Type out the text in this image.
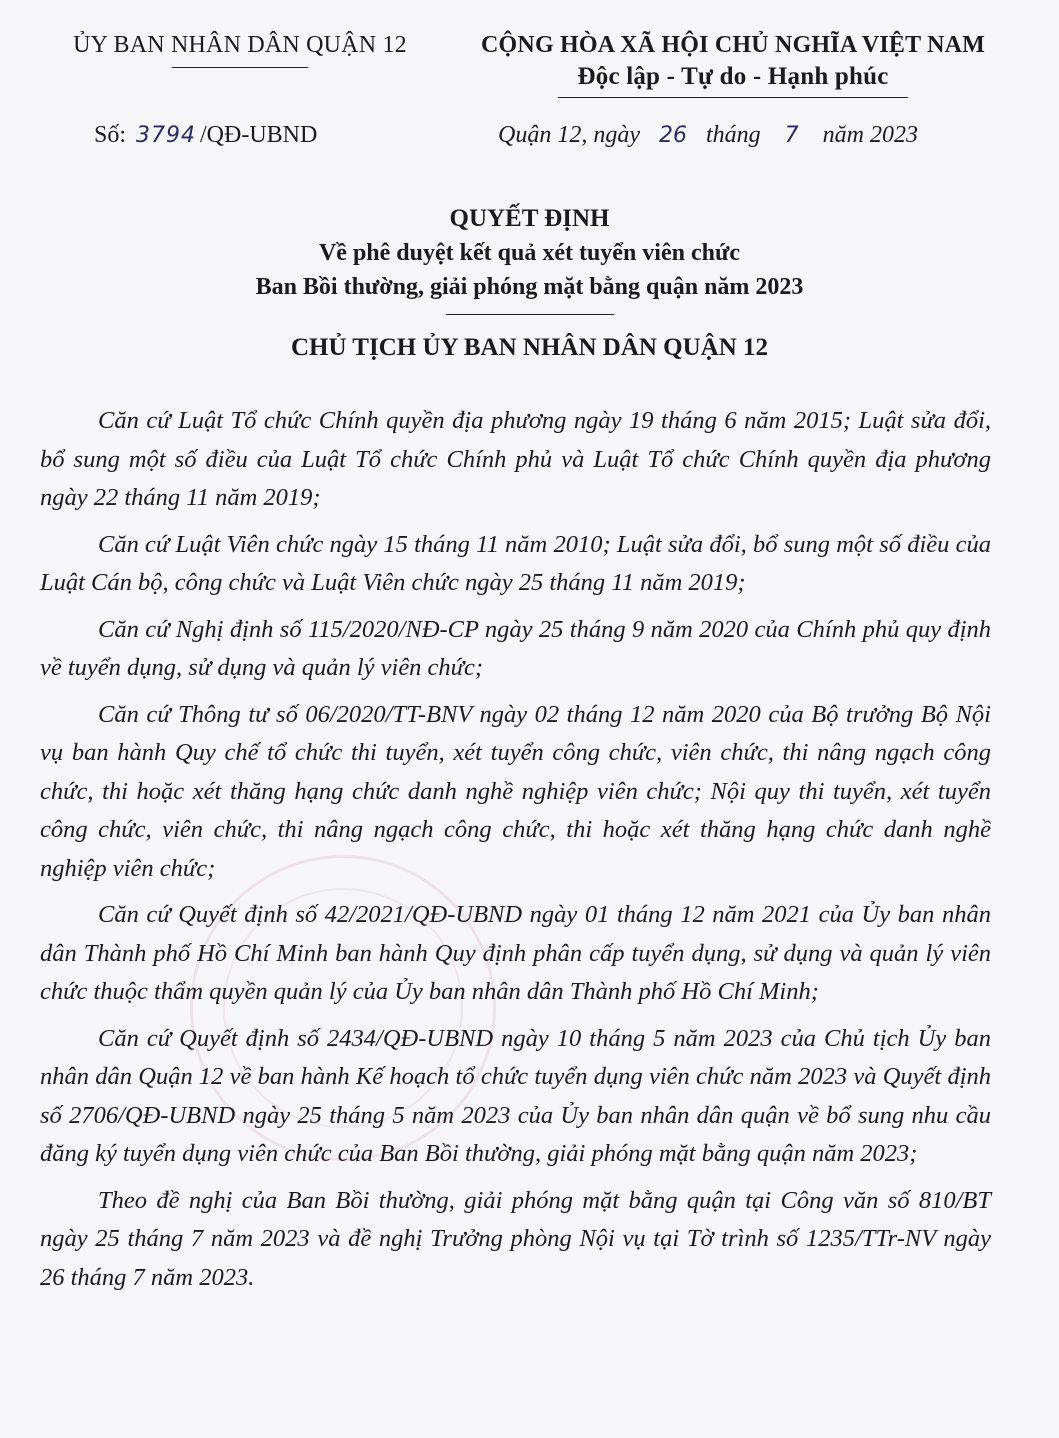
ỦY BAN NHÂN DÂN QUẬN 12	CỘNG HÒA XÃ HỘI CHỦ NGHĨA VIỆT NAM
Độc lập - Tự do - Hạnh phúc
Số: 3794 /QĐ-UBND	Quận 12, ngày 26 tháng 7 năm 2023
QUYẾT ĐỊNH
Về phê duyệt kết quả xét tuyển viên chức
Ban Bồi thường, giải phóng mặt bằng quận năm 2023
CHỦ TỊCH ỦY BAN NHÂN DÂN QUẬN 12

Căn cứ Luật Tổ chức Chính quyền địa phương ngày 19 tháng 6 năm 2015; Luật sửa đổi, bổ sung một số điều của Luật Tổ chức Chính phủ và Luật Tổ chức Chính quyền địa phương ngày 22 tháng 11 năm 2019;

Căn cứ Luật Viên chức ngày 15 tháng 11 năm 2010; Luật sửa đổi, bổ sung một số điều của Luật Cán bộ, công chức và Luật Viên chức ngày 25 tháng 11 năm 2019;

Căn cứ Nghị định số 115/2020/NĐ-CP ngày 25 tháng 9 năm 2020 của Chính phủ quy định về tuyển dụng, sử dụng và quản lý viên chức;

Căn cứ Thông tư số 06/2020/TT-BNV ngày 02 tháng 12 năm 2020 của Bộ trưởng Bộ Nội vụ ban hành Quy chế tổ chức thi tuyển, xét tuyển công chức, viên chức, thi nâng ngạch công chức, thi hoặc xét thăng hạng chức danh nghề nghiệp viên chức; Nội quy thi tuyển, xét tuyển công chức, viên chức, thi nâng ngạch công chức, thi hoặc xét thăng hạng chức danh nghề nghiệp viên chức;

Căn cứ Quyết định số 42/2021/QĐ-UBND ngày 01 tháng 12 năm 2021 của Ủy ban nhân dân Thành phố Hồ Chí Minh ban hành Quy định phân cấp tuyển dụng, sử dụng và quản lý viên chức thuộc thẩm quyền quản lý của Ủy ban nhân dân Thành phố Hồ Chí Minh;

Căn cứ Quyết định số 2434/QĐ-UBND ngày 10 tháng 5 năm 2023 của Chủ tịch Ủy ban nhân dân Quận 12 về ban hành Kế hoạch tổ chức tuyển dụng viên chức năm 2023 và Quyết định số 2706/QĐ-UBND ngày 25 tháng 5 năm 2023 của Ủy ban nhân dân quận về bổ sung nhu cầu đăng ký tuyển dụng viên chức của Ban Bồi thường, giải phóng mặt bằng quận năm 2023;

Theo đề nghị của Ban Bồi thường, giải phóng mặt bằng quận tại Công văn số 810/BT ngày 25 tháng 7 năm 2023 và đề nghị Trưởng phòng Nội vụ tại Tờ trình số 1235/TTr-NV ngày 26 tháng 7 năm 2023.
